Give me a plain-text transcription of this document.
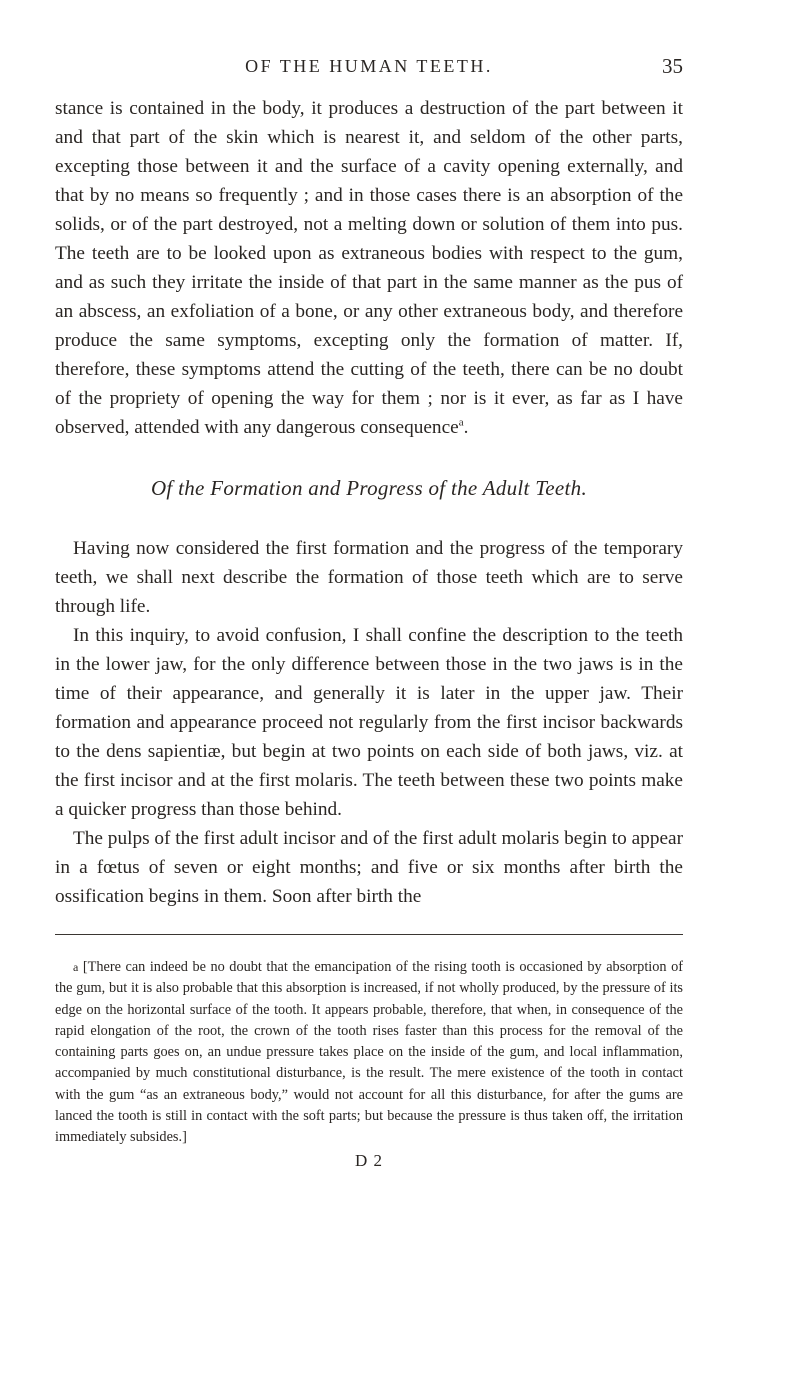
OF THE HUMAN TEETH.	35

stance is contained in the body, it produces a destruction of the part between it and that part of the skin which is nearest it, and seldom of the other parts, excepting those between it and the surface of a cavity opening externally, and that by no means so frequently ; and in those cases there is an absorption of the solids, or of the part destroyed, not a melting down or solution of them into pus. The teeth are to be looked upon as extraneous bodies with respect to the gum, and as such they irritate the inside of that part in the same manner as the pus of an abscess, an exfoliation of a bone, or any other extraneous body, and therefore produce the same symptoms, excepting only the formation of matter. If, therefore, these symptoms attend the cutting of the teeth, there can be no doubt of the propriety of opening the way for them ; nor is it ever, as far as I have observed, attended with any dangerous consequence$^a$.

Of the Formation and Progress of the Adult Teeth.

Having now considered the first formation and the progress of the temporary teeth, we shall next describe the formation of those teeth which are to serve through life.

In this inquiry, to avoid confusion, I shall confine the description to the teeth in the lower jaw, for the only difference between those in the two jaws is in the time of their appearance, and generally it is later in the upper jaw. Their formation and appearance proceed not regularly from the first incisor backwards to the dens sapientiæ, but begin at two points on each side of both jaws, viz. at the first incisor and at the first molaris. The teeth between these two points make a quicker progress than those behind.

The pulps of the first adult incisor and of the first adult molaris begin to appear in a fœtus of seven or eight months; and five or six months after birth the ossification begins in them. Soon after birth the

a [There can indeed be no doubt that the emancipation of the rising tooth is occasioned by absorption of the gum, but it is also probable that this absorption is increased, if not wholly produced, by the pressure of its edge on the horizontal surface of the tooth. It appears probable, therefore, that when, in consequence of the rapid elongation of the root, the crown of the tooth rises faster than this process for the removal of the containing parts goes on, an undue pressure takes place on the inside of the gum, and local inflammation, accompanied by much constitutional disturbance, is the result. The mere existence of the tooth in contact with the gum “as an extraneous body,” would not account for all this disturbance, for after the gums are lanced the tooth is still in contact with the soft parts; but because the pressure is thus taken off, the irritation immediately subsides.]
D 2
